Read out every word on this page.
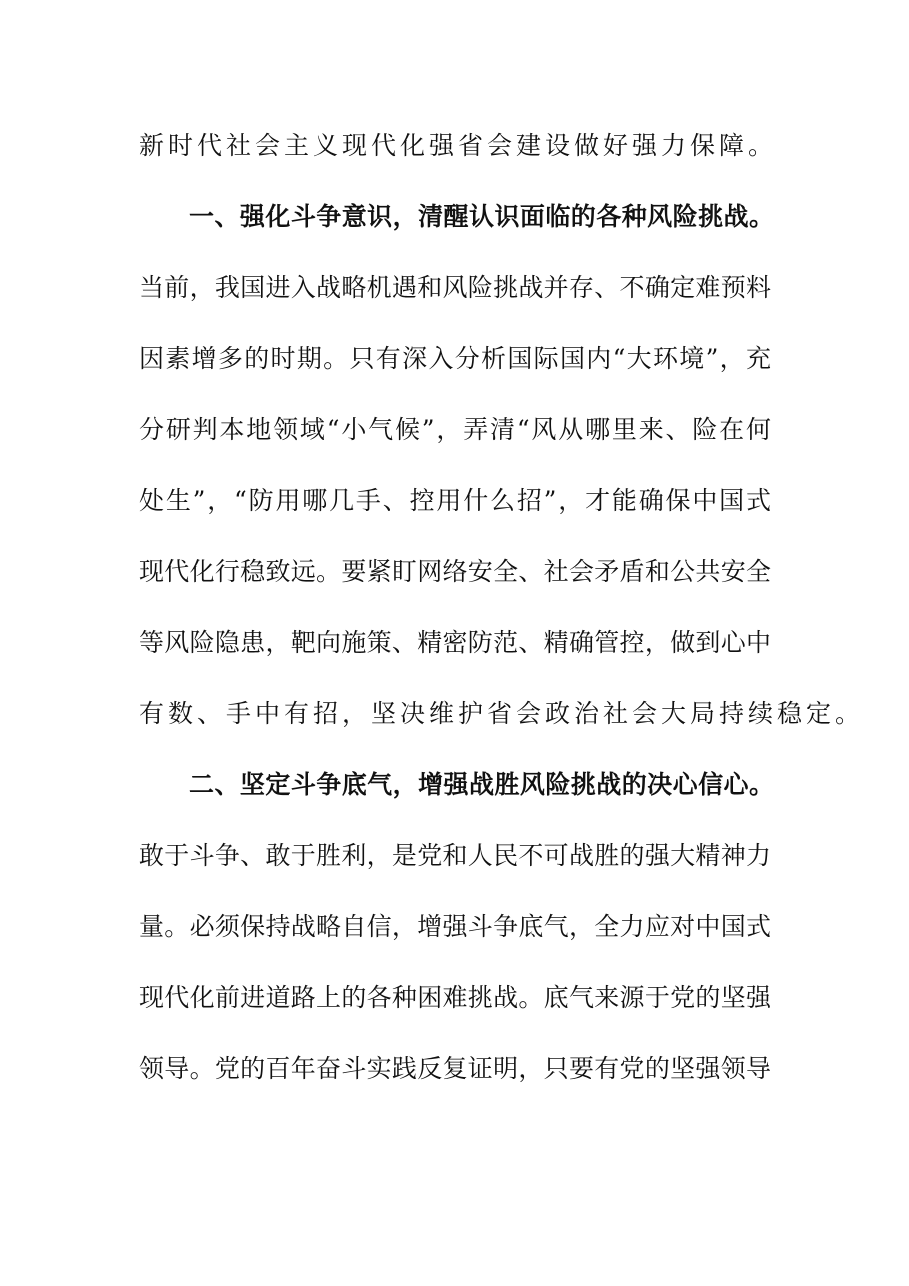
新时代社会主义现代化强省会建设做好强力保障。
一、强化斗争意识，清醒认识面临的各种风险挑战。
当前，我国进入战略机遇和风险挑战并存、不确定难预料
因素增多的时期。只有深入分析国际国内“大环境”，充
分研判本地领域“小气候”，弄清“风从哪里来、险在何
处生”，“防用哪几手、控用什么招”，才能确保中国式
现代化行稳致远。要紧盯网络安全、社会矛盾和公共安全
等风险隐患，靶向施策、精密防范、精确管控，做到心中
有数、手中有招，坚决维护省会政治社会大局持续稳定。
二、坚定斗争底气，增强战胜风险挑战的决心信心。
敢于斗争、敢于胜利，是党和人民不可战胜的强大精神力
量。必须保持战略自信，增强斗争底气，全力应对中国式
现代化前进道路上的各种困难挑战。底气来源于党的坚强
领导。党的百年奋斗实践反复证明，只要有党的坚强领导
